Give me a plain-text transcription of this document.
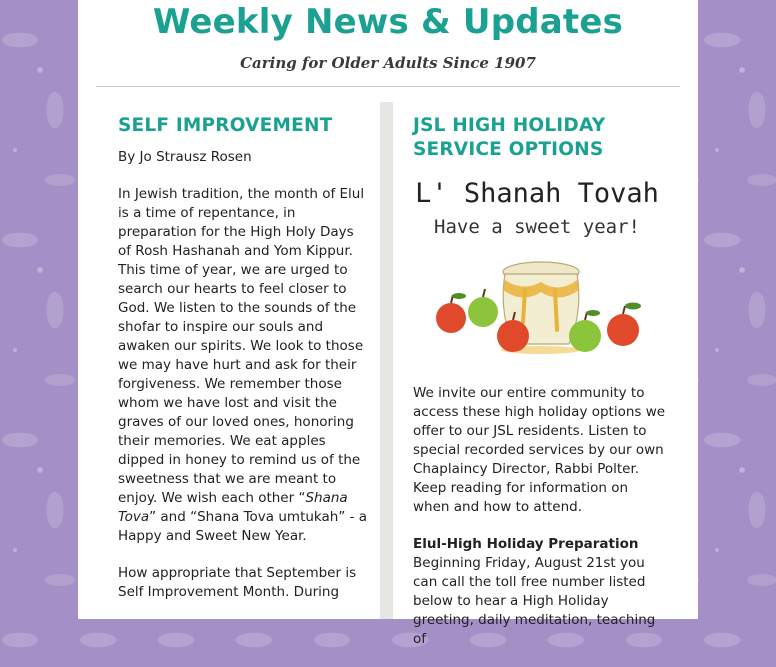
Weekly News & Updates
Caring for Older Adults Since 1907
SELF IMPROVEMENT

By Jo Strausz Rosen

In Jewish tradition, the month of Elul is a time of repentance, in preparation for the High Holy Days of Rosh Hashanah and Yom Kippur. This time of year, we are urged to search our hearts to feel closer to God. We listen to the sounds of the shofar to inspire our souls and awaken our spirits. We look to those we may have hurt and ask for their forgiveness. We remember those whom we have lost and visit the graves of our loved ones, honoring their memories. We eat apples dipped in honey to remind us of the sweetness that we are meant to enjoy. We wish each other “Shana Tova” and “Shana Tova umtukah” - a Happy and Sweet New Year.

How appropriate that September is Self Improvement Month. During

JSL HIGH HOLIDAY SERVICE OPTIONS
L' Shanah Tovah
Have a sweet year!

We invite our entire community to access these high holiday options we offer to our JSL residents. Listen to special recorded services by our own Chaplaincy Director, Rabbi Polter. Keep reading for information on when and how to attend.

Elul-High Holiday Preparation

Beginning Friday, August 21st you can call the toll free number listed below to hear a High Holiday greeting, daily meditation, teaching of
